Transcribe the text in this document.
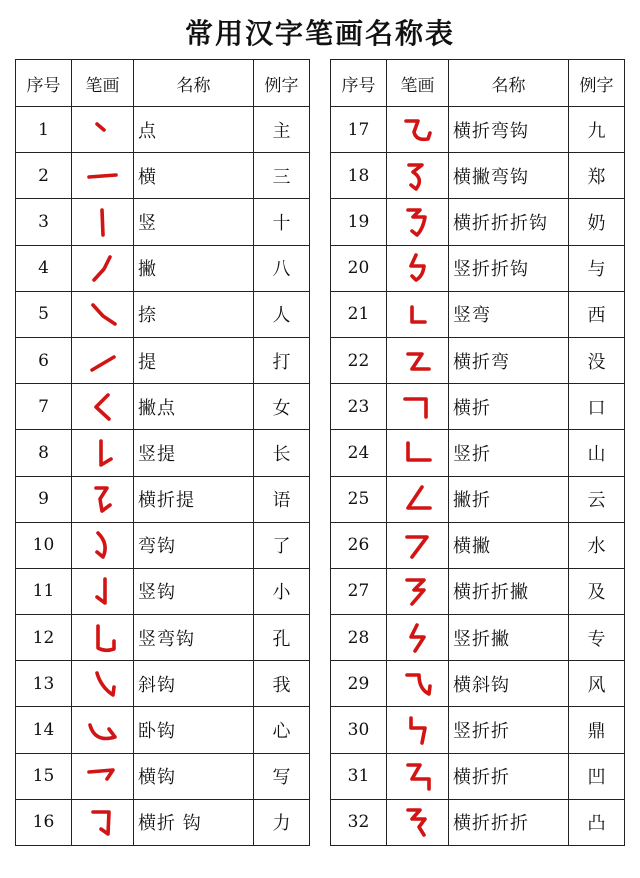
常用汉字笔画名称表
序号	笔画	名称	例字
1		点	主
2		横	三
3		竖	十
4		撇	八
5		捺	人
6		提	打
7		撇点	女
8		竖提	长
9		横折提	语
10		弯钩	了
11		竖钩	小
12		竖弯钩	孔
13		斜钩	我
14		卧钩	心
15		横钩	写
16		横折 钩	力
序号	笔画	名称	例字
17		横折弯钩	九
18		横撇弯钩	郑
19		横折折折钩	奶
20		竖折折钩	与
21		竖弯	西
22		横折弯	没
23		横折	口
24		竖折	山
25		撇折	云
26		横撇	水
27		横折折撇	及
28		竖折撇	专
29		横斜钩	风
30		竖折折	鼎
31		横折折	凹
32		横折折折	凸
